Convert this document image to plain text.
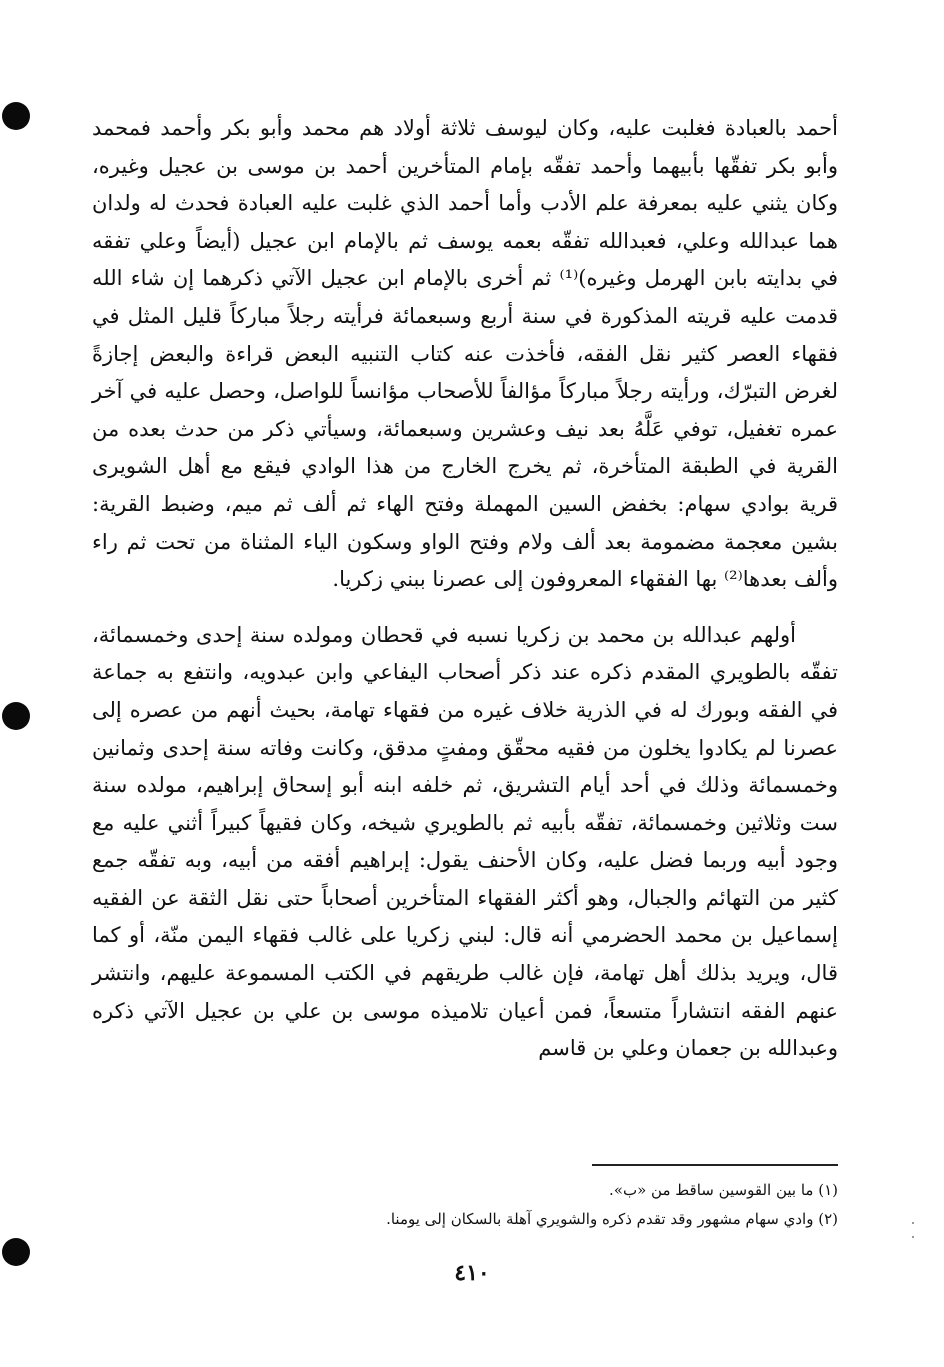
أحمد بالعبادة فغلبت عليه، وكان ليوسف ثلاثة أولاد هم محمد وأبو بكر وأحمد فمحمد وأبو بكر تفقّها بأبيهما وأحمد تفقّه بإمام المتأخرين أحمد بن موسى بن عجيل وغيره، وكان يثني عليه بمعرفة علم الأدب وأما أحمد الذي غلبت عليه العبادة فحدث له ولدان هما عبدالله وعلي، فعبدالله تفقّه بعمه يوسف ثم بالإمام ابن عجيل (أيضاً وعلي تفقه في بدايته بابن الهرمل وغيره)⁽¹⁾ ثم أخرى بالإمام ابن عجيل الآتي ذكرهما إن شاء الله قدمت عليه قريته المذكورة في سنة أربع وسبعمائة فرأيته رجلاً مباركاً قليل المثل في فقهاء العصر كثير نقل الفقه، فأخذت عنه كتاب التنبيه البعض قراءة والبعض إجازةً لغرض التبرّك، ورأيته رجلاً مباركاً مؤالفاً للأصحاب مؤانساً للواصل، وحصل عليه في آخر عمره تغفيل، توفي عَلَّهُ بعد نيف وعشرين وسبعمائة، وسيأتي ذكر من حدث بعده من القرية في الطبقة المتأخرة، ثم يخرج الخارج من هذا الوادي فيقع مع أهل الشويرى قرية بوادي سهام: بخفض السين المهملة وفتح الهاء ثم ألف ثم ميم، وضبط القرية: بشين معجمة مضمومة بعد ألف ولام وفتح الواو وسكون الياء المثناة من تحت ثم راء وألف بعدها⁽²⁾ بها الفقهاء المعروفون إلى عصرنا ببني زكريا.

أولهم عبدالله بن محمد بن زكريا نسبه في قحطان ومولده سنة إحدى وخمسمائة، تفقّه بالطويري المقدم ذكره عند ذكر أصحاب اليفاعي وابن عبدويه، وانتفع به جماعة في الفقه وبورك له في الذرية خلاف غيره من فقهاء تهامة، بحيث أنهم من عصره إلى عصرنا لم يكادوا يخلون من فقيه محقّق ومفتٍ مدقق، وكانت وفاته سنة إحدى وثمانين وخمسمائة وذلك في أحد أيام التشريق، ثم خلفه ابنه أبو إسحاق إبراهيم، مولده سنة ست وثلاثين وخمسمائة، تفقّه بأبيه ثم بالطويري شيخه، وكان فقيهاً كبيراً أثني عليه مع وجود أبيه وربما فضل عليه، وكان الأحنف يقول: إبراهيم أفقه من أبيه، وبه تفقّه جمع كثير من التهائم والجبال، وهو أكثر الفقهاء المتأخرين أصحاباً حتى نقل الثقة عن الفقيه إسماعيل بن محمد الحضرمي أنه قال: لبني زكريا على غالب فقهاء اليمن منّة، أو كما قال، ويريد بذلك أهل تهامة، فإن غالب طريقهم في الكتب المسموعة عليهم، وانتشر عنهم الفقه انتشاراً متسعاً، فمن أعيان تلاميذه موسى بن علي بن عجيل الآتي ذكره وعبدالله بن جعمان وعلي بن قاسم

(١) ما بين القوسين ساقط من «ب».

(٢) وادي سهام مشهور وقد تقدم ذكره والشويري آهلة بالسكان إلى يومنا.

٤١٠
